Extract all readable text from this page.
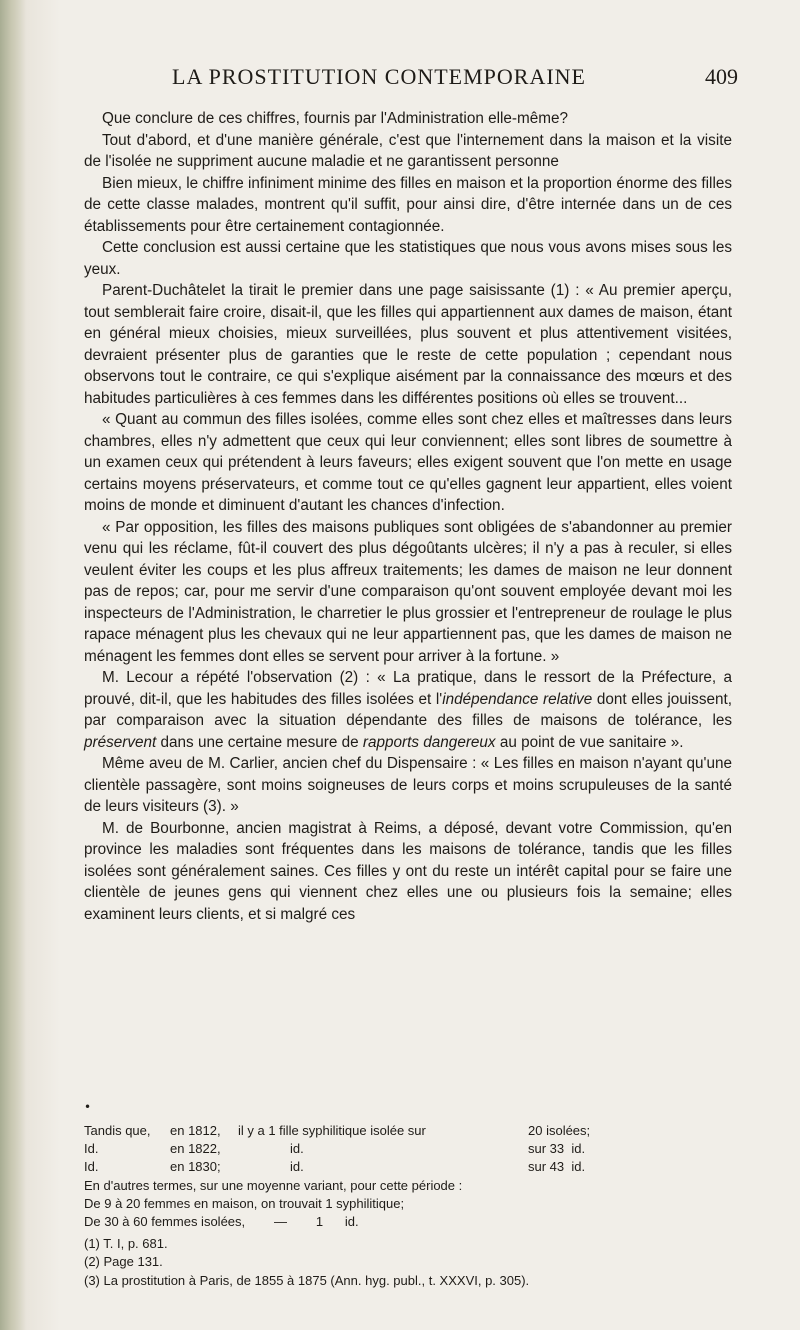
LA PROSTITUTION CONTEMPORAINE	409

Que conclure de ces chiffres, fournis par l'Administration elle-même?

Tout d'abord, et d'une manière générale, c'est que l'internement dans la maison et la visite de l'isolée ne suppriment aucune maladie et ne garantissent personne

Bien mieux, le chiffre infiniment minime des filles en maison et la proportion énorme des filles de cette classe malades, montrent qu'il suffit, pour ainsi dire, d'être internée dans un de ces établissements pour être certainement contagionnée.

Cette conclusion est aussi certaine que les statistiques que nous vous avons mises sous les yeux.

Parent-Duchâtelet la tirait le premier dans une page saisissante (1) : « Au premier aperçu, tout semblerait faire croire, disait-il, que les filles qui appartiennent aux dames de maison, étant en général mieux choisies, mieux surveillées, plus souvent et plus attentivement visitées, devraient présenter plus de garanties que le reste de cette population ; cependant nous observons tout le contraire, ce qui s'explique aisément par la connaissance des mœurs et des habitudes particulières à ces femmes dans les différentes positions où elles se trouvent...

« Quant au commun des filles isolées, comme elles sont chez elles et maîtresses dans leurs chambres, elles n'y admettent que ceux qui leur conviennent; elles sont libres de soumettre à un examen ceux qui prétendent à leurs faveurs; elles exigent souvent que l'on mette en usage certains moyens préservateurs, et comme tout ce qu'elles gagnent leur appartient, elles voient moins de monde et diminuent d'autant les chances d'infection.

« Par opposition, les filles des maisons publiques sont obligées de s'abandonner au premier venu qui les réclame, fût-il couvert des plus dégoûtants ulcères; il n'y a pas à reculer, si elles veulent éviter les coups et les plus affreux traitements; les dames de maison ne leur donnent pas de repos; car, pour me servir d'une comparaison qu'ont souvent employée devant moi les inspecteurs de l'Administration, le charretier le plus grossier et l'entrepreneur de roulage le plus rapace ménagent plus les chevaux qui ne leur appartiennent pas, que les dames de maison ne ménagent les femmes dont elles se servent pour arriver à la fortune. »

M. Lecour a répété l'observation (2) : « La pratique, dans le ressort de la Préfecture, a prouvé, dit-il, que les habitudes des filles isolées et l'indépendance relative dont elles jouissent, par comparaison avec la situation dépendante des filles de maisons de tolérance, les préservent dans une certaine mesure de rapports dangereux au point de vue sanitaire ».

Même aveu de M. Carlier, ancien chef du Dispensaire : « Les filles en maison n'ayant qu'une clientèle passagère, sont moins soigneuses de leurs corps et moins scrupuleuses de la santé de leurs visiteurs (3). »

M. de Bourbonne, ancien magistrat à Reims, a déposé, devant votre Commission, qu'en province les maladies sont fréquentes dans les maisons de tolérance, tandis que les filles isolées sont généralement saines. Ces filles y ont du reste un intérêt capital pour se faire une clientèle de jeunes gens qui viennent chez elles une ou plusieurs fois la semaine; elles examinent leurs clients, et si malgré ces

•
Tandis que,	en 1812,	il y a 1 fille syphilitique isolée sur	20 isolées;
Id.	en 1822,	id.	sur 33  id.
Id.	en 1830;	id.	sur 43  id.
En d'autres termes, sur une moyenne variant, pour cette période :
De 9 à 20 femmes en maison, on trouvait 1 syphilitique;
De 30 à 60 femmes isolées,        —        1      id.
(1) T. I, p. 681.
(2) Page 131.
(3) La prostitution à Paris, de 1855 à 1875 (Ann. hyg. publ., t. XXXVI, p. 305).
